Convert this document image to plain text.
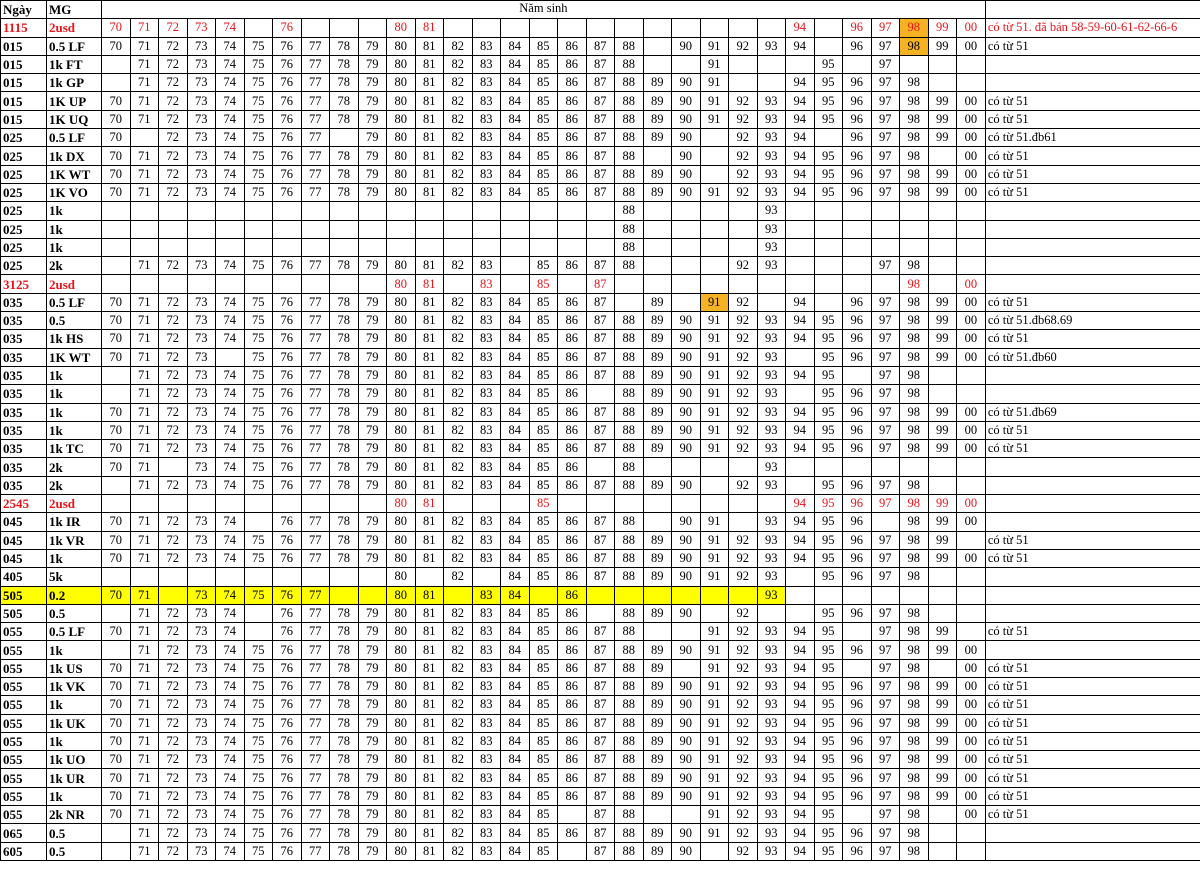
Ngày	MG	Năm sinh																															
1115	2usd	70	71	72	73	74		76				80	81													94		96	97	98	99	00	có từ 51. đã bán 58-59-60-61-62-66-6
015	0.5 LF	70	71	72	73	74	75	76	77	78	79	80	81	82	83	84	85	86	87	88		90	91	92	93	94		96	97	98	99	00	có từ 51
015	1k FT		71	72	73	74	75	76	77	78	79	80	81	82	83	84	85	86	87	88			91				95		97				
015	1k GP		71	72	73	74	75	76	77	78	79	80	81	82	83	84	85	86	87	88	89	90	91			94	95	96	97	98			
015	1K UP	70	71	72	73	74	75	76	77	78	79	80	81	82	83	84	85	86	87	88	89	90	91	92	93	94	95	96	97	98	99	00	có từ 51
015	1K UQ	70	71	72	73	74	75	76	77	78	79	80	81	82	83	84	85	86	87	88	89	90	91	92	93	94	95	96	97	98	99	00	có từ 51
025	0.5 LF	70		72	73	74	75	76	77		79	80	81	82	83	84	85	86	87	88	89	90		92	93	94		96	97	98	99	00	có từ 51.đb61
025	1k DX	70	71	72	73	74	75	76	77	78	79	80	81	82	83	84	85	86	87	88		90		92	93	94	95	96	97	98		00	có từ 51
025	1K WT	70	71	72	73	74	75	76	77	78	79	80	81	82	83	84	85	86	87	88	89	90		92	93	94	95	96	97	98	99	00	có từ 51
025	1K VO	70	71	72	73	74	75	76	77	78	79	80	81	82	83	84	85	86	87	88	89	90	91	92	93	94	95	96	97	98	99	00	có từ 51
025	1k																			88					93								
025	1k																			88					93								
025	1k																			88					93								
025	2k		71	72	73	74	75	76	77	78	79	80	81	82	83		85	86	87	88				92	93				97	98			
3125	2usd											80	81		83		85		87											98		00	
035	0.5 LF	70	71	72	73	74	75	76	77	78	79	80	81	82	83	84	85	86	87		89		91	92		94		96	97	98	99	00	có từ 51
035	0.5	70	71	72	73	74	75	76	77	78	79	80	81	82	83	84	85	86	87	88	89	90	91	92	93	94	95	96	97	98	99	00	có từ 51.đb68.69
035	1k HS	70	71	72	73	74	75	76	77	78	79	80	81	82	83	84	85	86	87	88	89	90	91	92	93	94	95	96	97	98	99	00	có từ 51
035	1K WT	70	71	72	73		75	76	77	78	79	80	81	82	83	84	85	86	87	88	89	90	91	92	93		95	96	97	98	99	00	có từ 51.đb60
035	1k		71	72	73	74	75	76	77	78	79	80	81	82	83	84	85	86	87	88	89	90	91	92	93	94	95		97	98			
035	1k		71	72	73	74	75	76	77	78	79	80	81	82	83	84	85	86		88	89	90	91	92	93		95	96	97	98			
035	1k	70	71	72	73	74	75	76	77	78	79	80	81	82	83	84	85	86	87	88	89	90	91	92	93	94	95	96	97	98	99	00	có từ 51.đb69
035	1k	70	71	72	73	74	75	76	77	78	79	80	81	82	83	84	85	86	87	88	89	90	91	92	93	94	95	96	97	98	99	00	có từ 51
035	1k TC	70	71	72	73	74	75	76	77	78	79	80	81	82	83	84	85	86	87	88	89	90	91	92	93	94	95	96	97	98	99	00	có từ 51
035	2k	70	71		73	74	75	76	77	78	79	80	81	82	83	84	85	86		88					93								
035	2k		71	72	73	74	75	76	77	78	79	80	81	82	83	84	85	86	87	88	89	90		92	93		95	96	97	98			
2545	2usd											80	81				85									94	95	96	97	98	99	00	
045	1k IR	70	71	72	73	74		76	77	78	79	80	81	82	83	84	85	86	87	88		90	91		93	94	95	96		98	99	00	
045	1k VR	70	71	72	73	74	75	76	77	78	79	80	81	82	83	84	85	86	87	88	89	90	91	92	93	94	95	96	97	98	99		có từ 51
045	1k	70	71	72	73	74	75	76	77	78	79	80	81	82	83	84	85	86	87	88	89	90	91	92	93	94	95	96	97	98	99	00	có từ 51
405	5k											80		82		84	85	86	87	88	89	90	91	92	93		95	96	97	98			
505	0.2	70	71		73	74	75	76	77			80	81		83	84		86							93								
505	0.5		71	72	73	74		76	77	78	79	80	81	82	83	84	85	86		88	89	90		92			95	96	97	98			
055	0.5 LF	70	71	72	73	74		76	77	78	79	80	81	82	83	84	85	86	87	88			91	92	93	94	95		97	98	99		có từ 51
055	1k		71	72	73	74	75	76	77	78	79	80	81	82	83	84	85	86	87	88	89	90	91	92	93	94	95	96	97	98	99	00	
055	1k US	70	71	72	73	74	75	76	77	78	79	80	81	82	83	84	85	86	87	88	89		91	92	93	94	95		97	98		00	có từ 51
055	1k VK	70	71	72	73	74	75	76	77	78	79	80	81	82	83	84	85	86	87	88	89	90	91	92	93	94	95	96	97	98	99	00	có từ 51
055	1k	70	71	72	73	74	75	76	77	78	79	80	81	82	83	84	85	86	87	88	89	90	91	92	93	94	95	96	97	98	99	00	có từ 51
055	1k UK	70	71	72	73	74	75	76	77	78	79	80	81	82	83	84	85	86	87	88	89	90	91	92	93	94	95	96	97	98	99	00	có từ 51
055	1k	70	71	72	73	74	75	76	77	78	79	80	81	82	83	84	85	86	87	88	89	90	91	92	93	94	95	96	97	98	99	00	có từ 51
055	1k UO	70	71	72	73	74	75	76	77	78	79	80	81	82	83	84	85	86	87	88	89	90	91	92	93	94	95	96	97	98	99	00	có từ 51
055	1k UR	70	71	72	73	74	75	76	77	78	79	80	81	82	83	84	85	86	87	88	89	90	91	92	93	94	95	96	97	98	99	00	có từ 51
055	1k	70	71	72	73	74	75	76	77	78	79	80	81	82	83	84	85	86	87	88	89	90	91	92	93	94	95	96	97	98	99	00	có từ 51
055	2k NR	70	71	72	73	74	75	76	77	78	79	80	81	82	83	84	85		87	88			91	92	93	94	95		97	98		00	có từ 51
065	0.5		71	72	73	74	75	76	77	78	79	80	81	82	83	84	85	86	87	88	89	90	91	92	93	94	95	96	97	98			
605	0.5		71	72	73	74	75	76	77	78	79	80	81	82	83	84	85		87	88	89	90		92	93	94	95	96	97	98			
